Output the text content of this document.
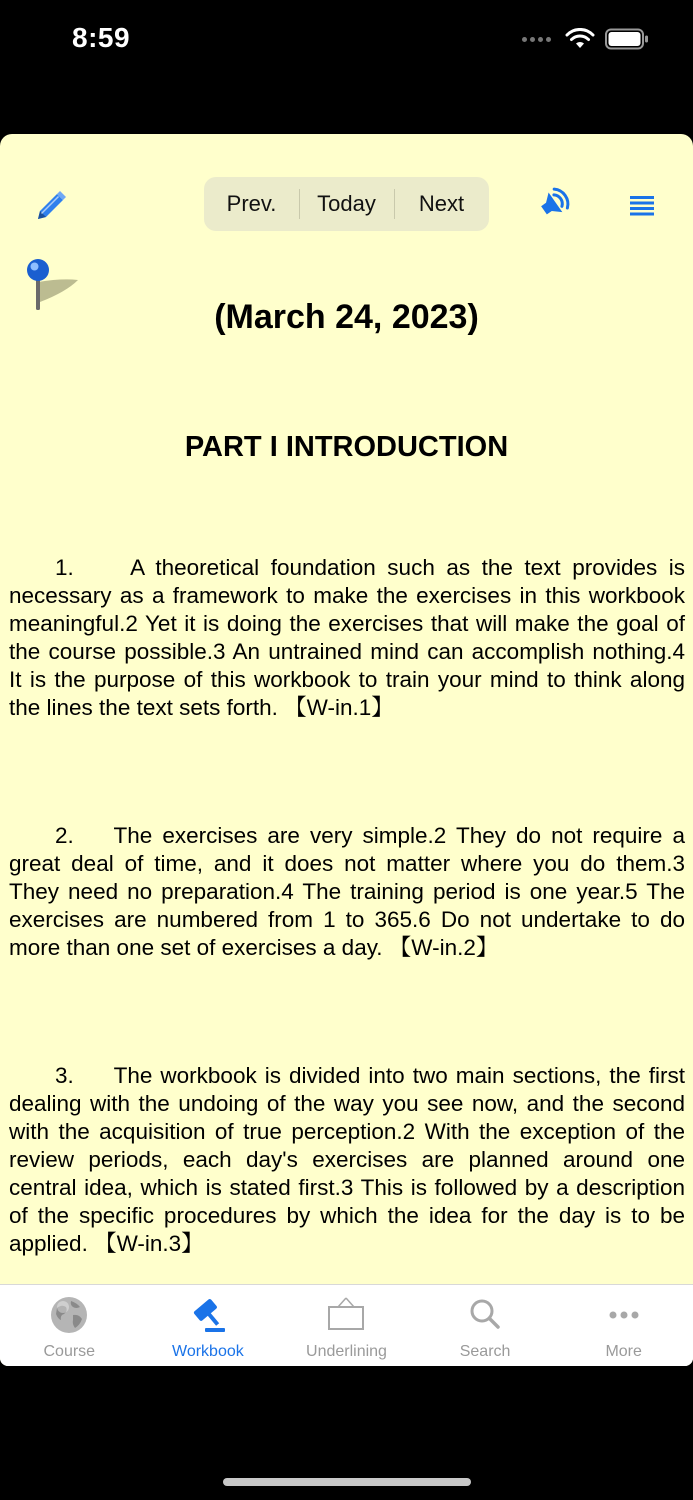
8:59
Prev.	Today	Next
(March 24, 2023)
PART I INTRODUCTION

1.	A theoretical foundation such as the text provides is necessary as a framework to make the exercises in this workbook meaningful.2 Yet it is doing the exercises that will make the goal of the course possible.3 An untrained mind can accomplish nothing.4 It is the purpose of this workbook to train your mind to think along the lines the text sets forth. 【W-in.1】

2. The exercises are very simple.2 They do not require a great deal of time, and it does not matter where you do them.3 They need no preparation.4 The training period is one year.5 The exercises are numbered from 1 to 365.6 Do not undertake to do more than one set of exercises a day. 【W-in.2】

3. The workbook is divided into two main sections, the first dealing with the undoing of the way you see now, and the second with the acquisition of true perception.2 With the exception of the review periods, each day's exercises are planned around one central idea, which is stated first.3 This is followed by a description of the specific procedures by which the idea for the day is to be applied. 【W-in.3】

Course	Workbook	Underlining	Search	More
